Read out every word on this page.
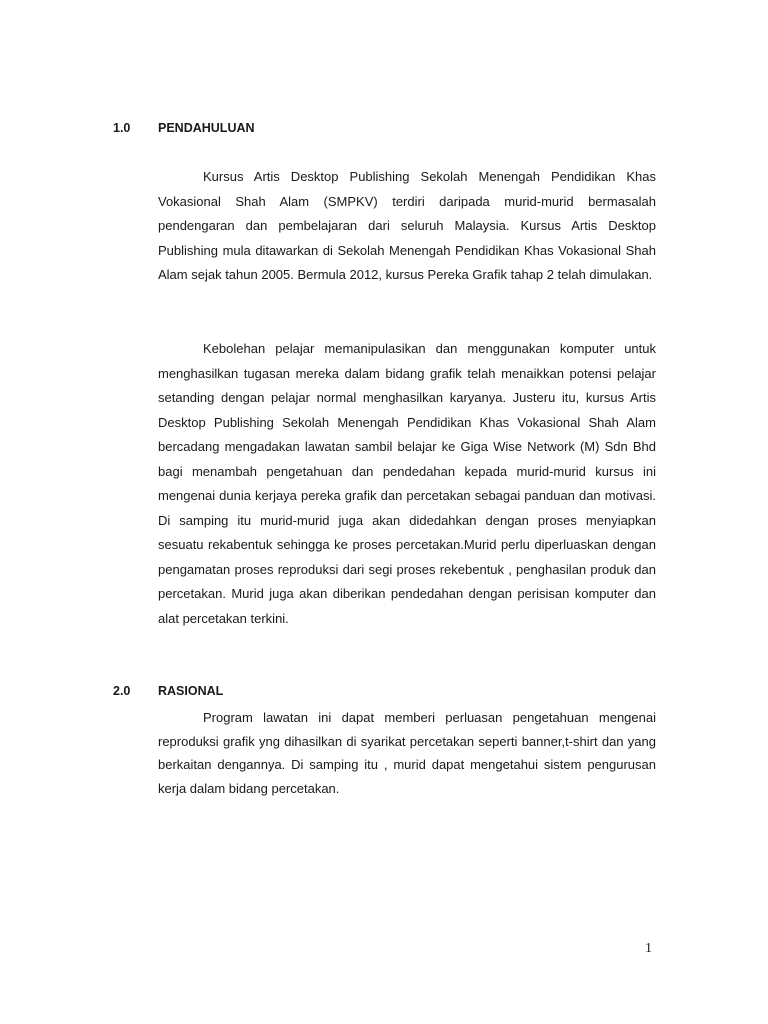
1.0 PENDAHULUAN

Kursus Artis Desktop Publishing Sekolah Menengah Pendidikan Khas Vokasional Shah Alam (SMPKV) terdiri daripada murid-murid bermasalah pendengaran dan pembelajaran dari seluruh Malaysia. Kursus Artis Desktop Publishing mula ditawarkan di Sekolah Menengah Pendidikan Khas Vokasional Shah Alam sejak tahun 2005. Bermula 2012, kursus Pereka Grafik tahap 2 telah dimulakan.

Kebolehan pelajar memanipulasikan dan menggunakan komputer untuk menghasilkan tugasan mereka dalam bidang grafik telah menaikkan potensi pelajar setanding dengan pelajar normal menghasilkan karyanya. Justeru itu, kursus Artis Desktop Publishing Sekolah Menengah Pendidikan Khas Vokasional Shah Alam bercadang mengadakan lawatan sambil belajar ke Giga Wise Network (M) Sdn Bhd bagi menambah pengetahuan dan pendedahan kepada murid-murid kursus ini mengenai dunia kerjaya pereka grafik dan percetakan sebagai panduan dan motivasi. Di samping itu murid-murid juga akan didedahkan dengan proses menyiapkan sesuatu rekabentuk sehingga ke proses percetakan.Murid perlu diperluaskan dengan pengamatan proses reproduksi dari segi proses rekebentuk , penghasilan produk dan percetakan. Murid juga akan diberikan pendedahan dengan perisisan komputer dan alat percetakan terkini.

2.0 RASIONAL

Program lawatan ini dapat memberi perluasan pengetahuan mengenai reproduksi grafik yng dihasilkan di syarikat percetakan seperti banner,t-shirt dan yang berkaitan dengannya. Di samping itu , murid dapat mengetahui sistem pengurusan kerja dalam bidang percetakan.

1
